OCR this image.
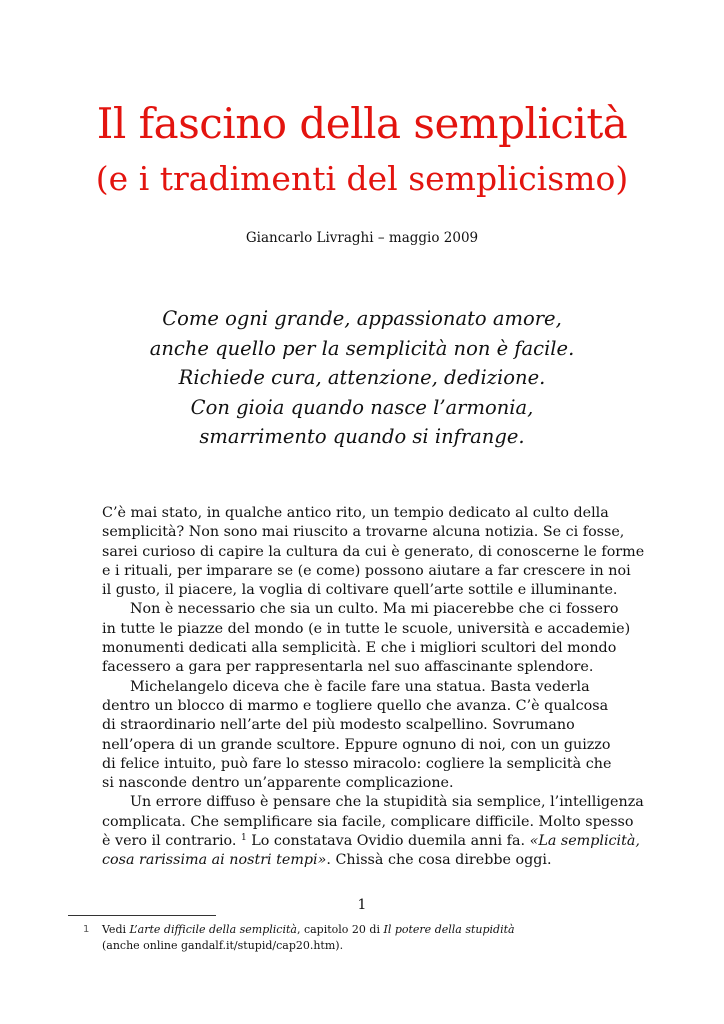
Il fascino della semplicità
(e i tradimenti del semplicismo)
Giancarlo Livraghi – maggio 2009
Come ogni grande, appassionato amore,
anche quello per la semplicità non è facile.
Richiede cura, attenzione, dedizione.
Con gioia quando nasce l’armonia,
smarrimento quando si infrange.
C’è mai stato, in qualche antico rito, un tempio dedicato al culto della
semplicità? Non sono mai riuscito a trovarne alcuna notizia. Se ci fosse,
sarei curioso di capire la cultura da cui è generato, di conoscerne le forme
e i rituali, per imparare se (e come) possono aiutare a far crescere in noi
il gusto, il piacere, la voglia di coltivare quell’arte sottile e illuminante.
Non è necessario che sia un culto. Ma mi piacerebbe che ci fossero
in tutte le piazze del mondo (e in tutte le scuole, università e accademie)
monumenti dedicati alla semplicità. E che i migliori scultori del mondo
facessero a gara per rappresentarla nel suo affascinante splendore.
Michelangelo diceva che è facile fare una statua. Basta vederla
dentro un blocco di marmo e togliere quello che avanza. C’è qualcosa
di straordinario nell’arte del più modesto scalpellino. Sovrumano
nell’opera di un grande scultore. Eppure ognuno di noi, con un guizzo
di felice intuito, può fare lo stesso miracolo: cogliere la semplicità che
si nasconde dentro un’apparente complicazione.
Un errore diffuso è pensare che la stupidità sia semplice, l’intelligenza
complicata. Che semplificare sia facile, complicare difficile. Molto spesso
è vero il contrario. $^1$ Lo constatava Ovidio duemila anni fa. «La semplicità,
cosa rarissima ai nostri tempi». Chissà che cosa direbbe oggi.
1
1 Vedi L’arte difficile della semplicità, capitolo 20 di Il potere della stupidità
(anche online gandalf.it/stupid/cap20.htm).
